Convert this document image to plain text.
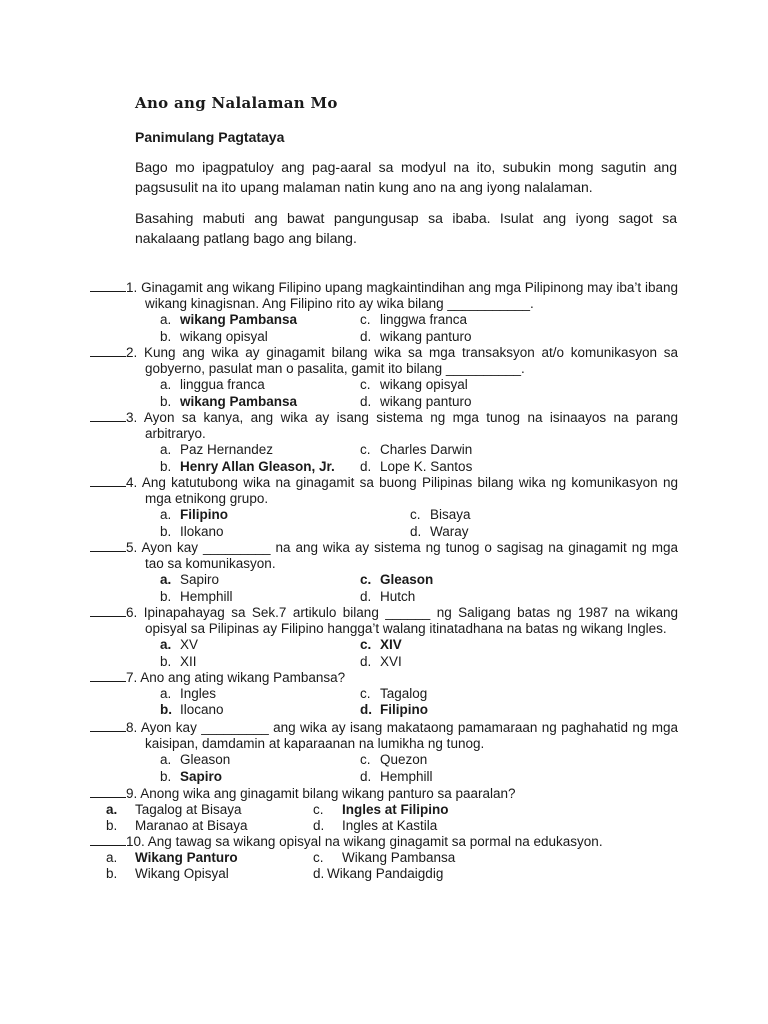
Ano ang Nalalaman Mo
Panimulang Pagtataya
Bago mo ipagpatuloy ang pag-aaral sa modyul na ito, subukin mong sagutin ang pagsusulit na ito upang malaman natin kung ano na ang iyong nalalaman.
Basahing mabuti ang bawat pangungusap sa ibaba. Isulat ang iyong sagot sa nakalaang patlang bago ang bilang.
1. Ginagamit ang wikang Filipino upang magkaintindihan ang mga Pilipinong may iba’t ibang wikang kinagisnan. Ang Filipino rito ay wika bilang ___________.
a. wikang Pambansa	c. linggwa franca
b. wikang opisyal	d. wikang panturo
2. Kung ang wika ay ginagamit bilang wika sa mga transaksyon at/o komunikasyon sa gobyerno, pasulat man o pasalita, gamit ito bilang __________.
a. linggua franca	c. wikang opisyal
b. wikang Pambansa	d. wikang panturo
3. Ayon sa kanya, ang wika ay isang sistema ng mga tunog na isinaayos na parang arbitraryo.
a. Paz Hernandez	c. Charles Darwin
b. Henry Allan Gleason, Jr. d. Lope K. Santos
4. Ang katutubong wika na ginagamit sa buong Pilipinas bilang wika ng komunikasyon ng mga etnikong grupo.
a. Filipino	c. Bisaya
b. Ilokano	d. Waray
5. Ayon kay _________ na ang wika ay sistema ng tunog o sagisag na ginagamit ng mga tao sa komunikasyon.
a. Sapiro	c. Gleason
b. Hemphill	d. Hutch
6. Ipinapahayag sa Sek.7 artikulo bilang ______ ng Saligang batas ng 1987 na wikang opisyal sa Pilipinas ay Filipino hangga’t walang itinatadhana na batas ng wikang Ingles.
a. XV	c. XIV
b. XII	d. XVI
7. Ano ang ating wikang Pambansa?
a. Ingles	c. Tagalog
b. Ilocano	d. Filipino
8. Ayon kay _________ ang wika ay isang makataong pamamaraan ng paghahatid ng mga kaisipan, damdamin at kaparaanan na lumikha ng tunog.
a. Gleason	c. Quezon
b. Sapiro	d. Hemphill
9. Anong wika ang ginagamit bilang wikang panturo sa paaralan?
a. Tagalog at Bisaya	c. Ingles at Filipino
b. Maranao at Bisaya	d. Ingles at Kastila
10. Ang tawag sa wikang opisyal na wikang ginagamit sa pormal na edukasyon.
a. Wikang Panturo	c. Wikang Pambansa
b. Wikang Opisyal	d. Wikang Pandaigdig
